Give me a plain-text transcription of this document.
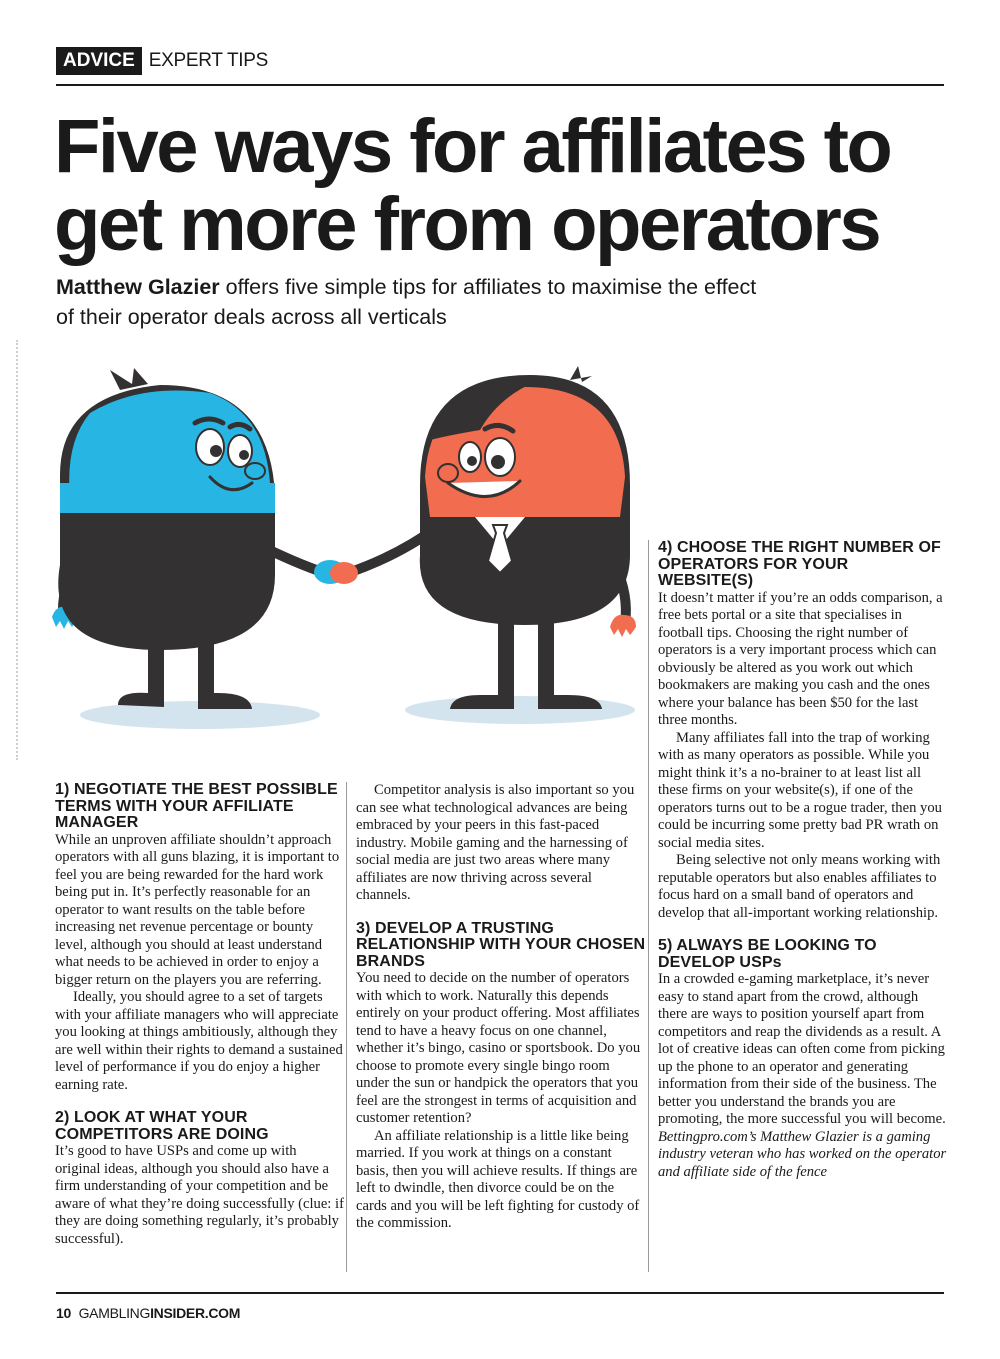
ADVICE EXPERT TIPS
Five ways for affiliates to get more from operators
Matthew Glazier offers five simple tips for affiliates to maximise the effect of their operator deals across all verticals
1) NEGOTIATE THE BEST POSSIBLE TERMS WITH YOUR AFFILIATE MANAGER

While an unproven affiliate shouldn’t approach operators with all guns blazing, it is important to feel you are being rewarded for the hard work being put in. It’s perfectly reasonable for an operator to want results on the table before increasing net revenue percentage or bounty level, although you should at least understand what needs to be achieved in order to enjoy a bigger return on the players you are referring.

Ideally, you should agree to a set of targets with your affiliate managers who will appreciate you looking at things ambitiously, although they are well within their rights to demand a sustained level of performance if you do enjoy a higher earning rate.

2) LOOK AT WHAT YOUR COMPETITORS ARE DOING

It’s good to have USPs and come up with original ideas, although you should also have a firm understanding of your competition and be aware of what they’re doing successfully (clue: if they are doing something regularly, it’s probably successful).

Competitor analysis is also important so you can see what technological advances are being embraced by your peers in this fast-paced industry. Mobile gaming and the harnessing of social media are just two areas where many affiliates are now thriving across several channels.

3) DEVELOP A TRUSTING RELATIONSHIP WITH YOUR CHOSEN BRANDS

You need to decide on the number of operators with which to work. Naturally this depends entirely on your product offering. Most affiliates tend to have a heavy focus on one channel, whether it’s bingo, casino or sportsbook. Do you choose to promote every single bingo room under the sun or handpick the operators that you feel are the strongest in terms of acquisition and customer retention?

An affiliate relationship is a little like being married. If you work at things on a constant basis, then you will achieve results. If things are left to dwindle, then divorce could be on the cards and you will be left fighting for custody of the commission.

4) CHOOSE THE RIGHT NUMBER OF OPERATORS FOR YOUR WEBSITE(S)

It doesn’t matter if you’re an odds comparison, a free bets portal or a site that specialises in football tips. Choosing the right number of operators is a very important process which can obviously be altered as you work out which bookmakers are making you cash and the ones where your balance has been $50 for the last three months.

Many affiliates fall into the trap of working with as many operators as possible. While you might think it’s a no-brainer to at least list all these firms on your website(s), if one of the operators turns out to be a rogue trader, then you could be incurring some pretty bad PR wrath on social media sites.

Being selective not only means working with reputable operators but also enables affiliates to focus hard on a small band of operators and develop that all-important working relationship.

5) ALWAYS BE LOOKING TO DEVELOP USPs

In a crowded e-gaming marketplace, it’s never easy to stand apart from the crowd, although there are ways to position yourself apart from competitors and reap the dividends as a result. A lot of creative ideas can often come from picking up the phone to an operator and generating information from their side of the business. The better you understand the brands you are promoting, the more successful you will become.

Bettingpro.com’s Matthew Glazier is a gaming industry veteran who has worked on the operator and affiliate side of the fence

10 GAMBLINGINSIDER.COM
